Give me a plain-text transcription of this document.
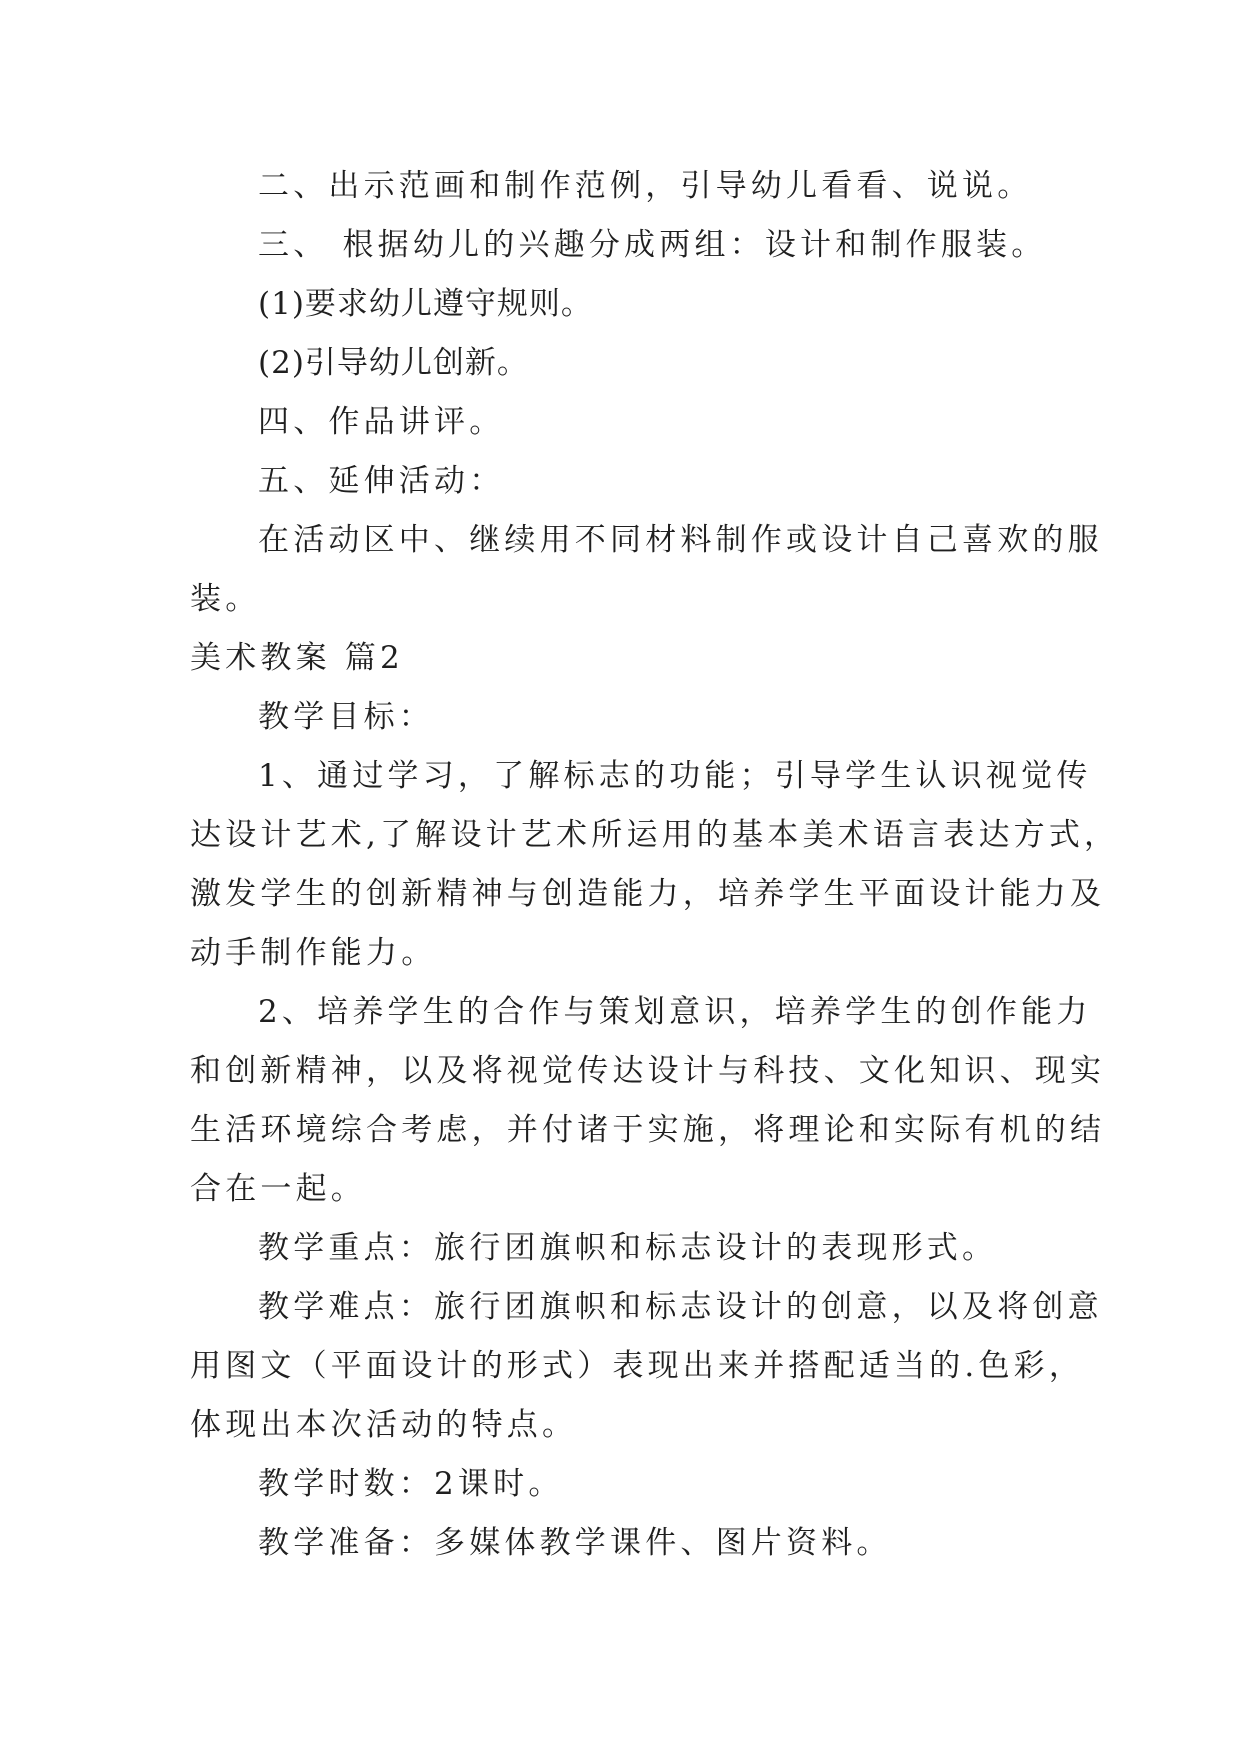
二、出示范画和制作范例，引导幼儿看看、说说。
三、 根据幼儿的兴趣分成两组：设计和制作服装。
(1)要求幼儿遵守规则。
(2)引导幼儿创新。
四、作品讲评。
五、延伸活动：
在活动区中、继续用不同材料制作或设计自己喜欢的服
装。
美术教案 篇2
教学目标：
1、通过学习，了解标志的功能；引导学生认识视觉传
达设计艺术,了解设计艺术所运用的基本美术语言表达方式，
激发学生的创新精神与创造能力，培养学生平面设计能力及
动手制作能力。
2、培养学生的合作与策划意识，培养学生的创作能力
和创新精神，以及将视觉传达设计与科技、文化知识、现实
生活环境综合考虑，并付诸于实施，将理论和实际有机的结
合在一起。
教学重点：旅行团旗帜和标志设计的表现形式。
教学难点：旅行团旗帜和标志设计的创意，以及将创意
用图文（平面设计的形式）表现出来并搭配适当的.色彩，
体现出本次活动的特点。
教学时数：2课时。
教学准备：多媒体教学课件、图片资料。
